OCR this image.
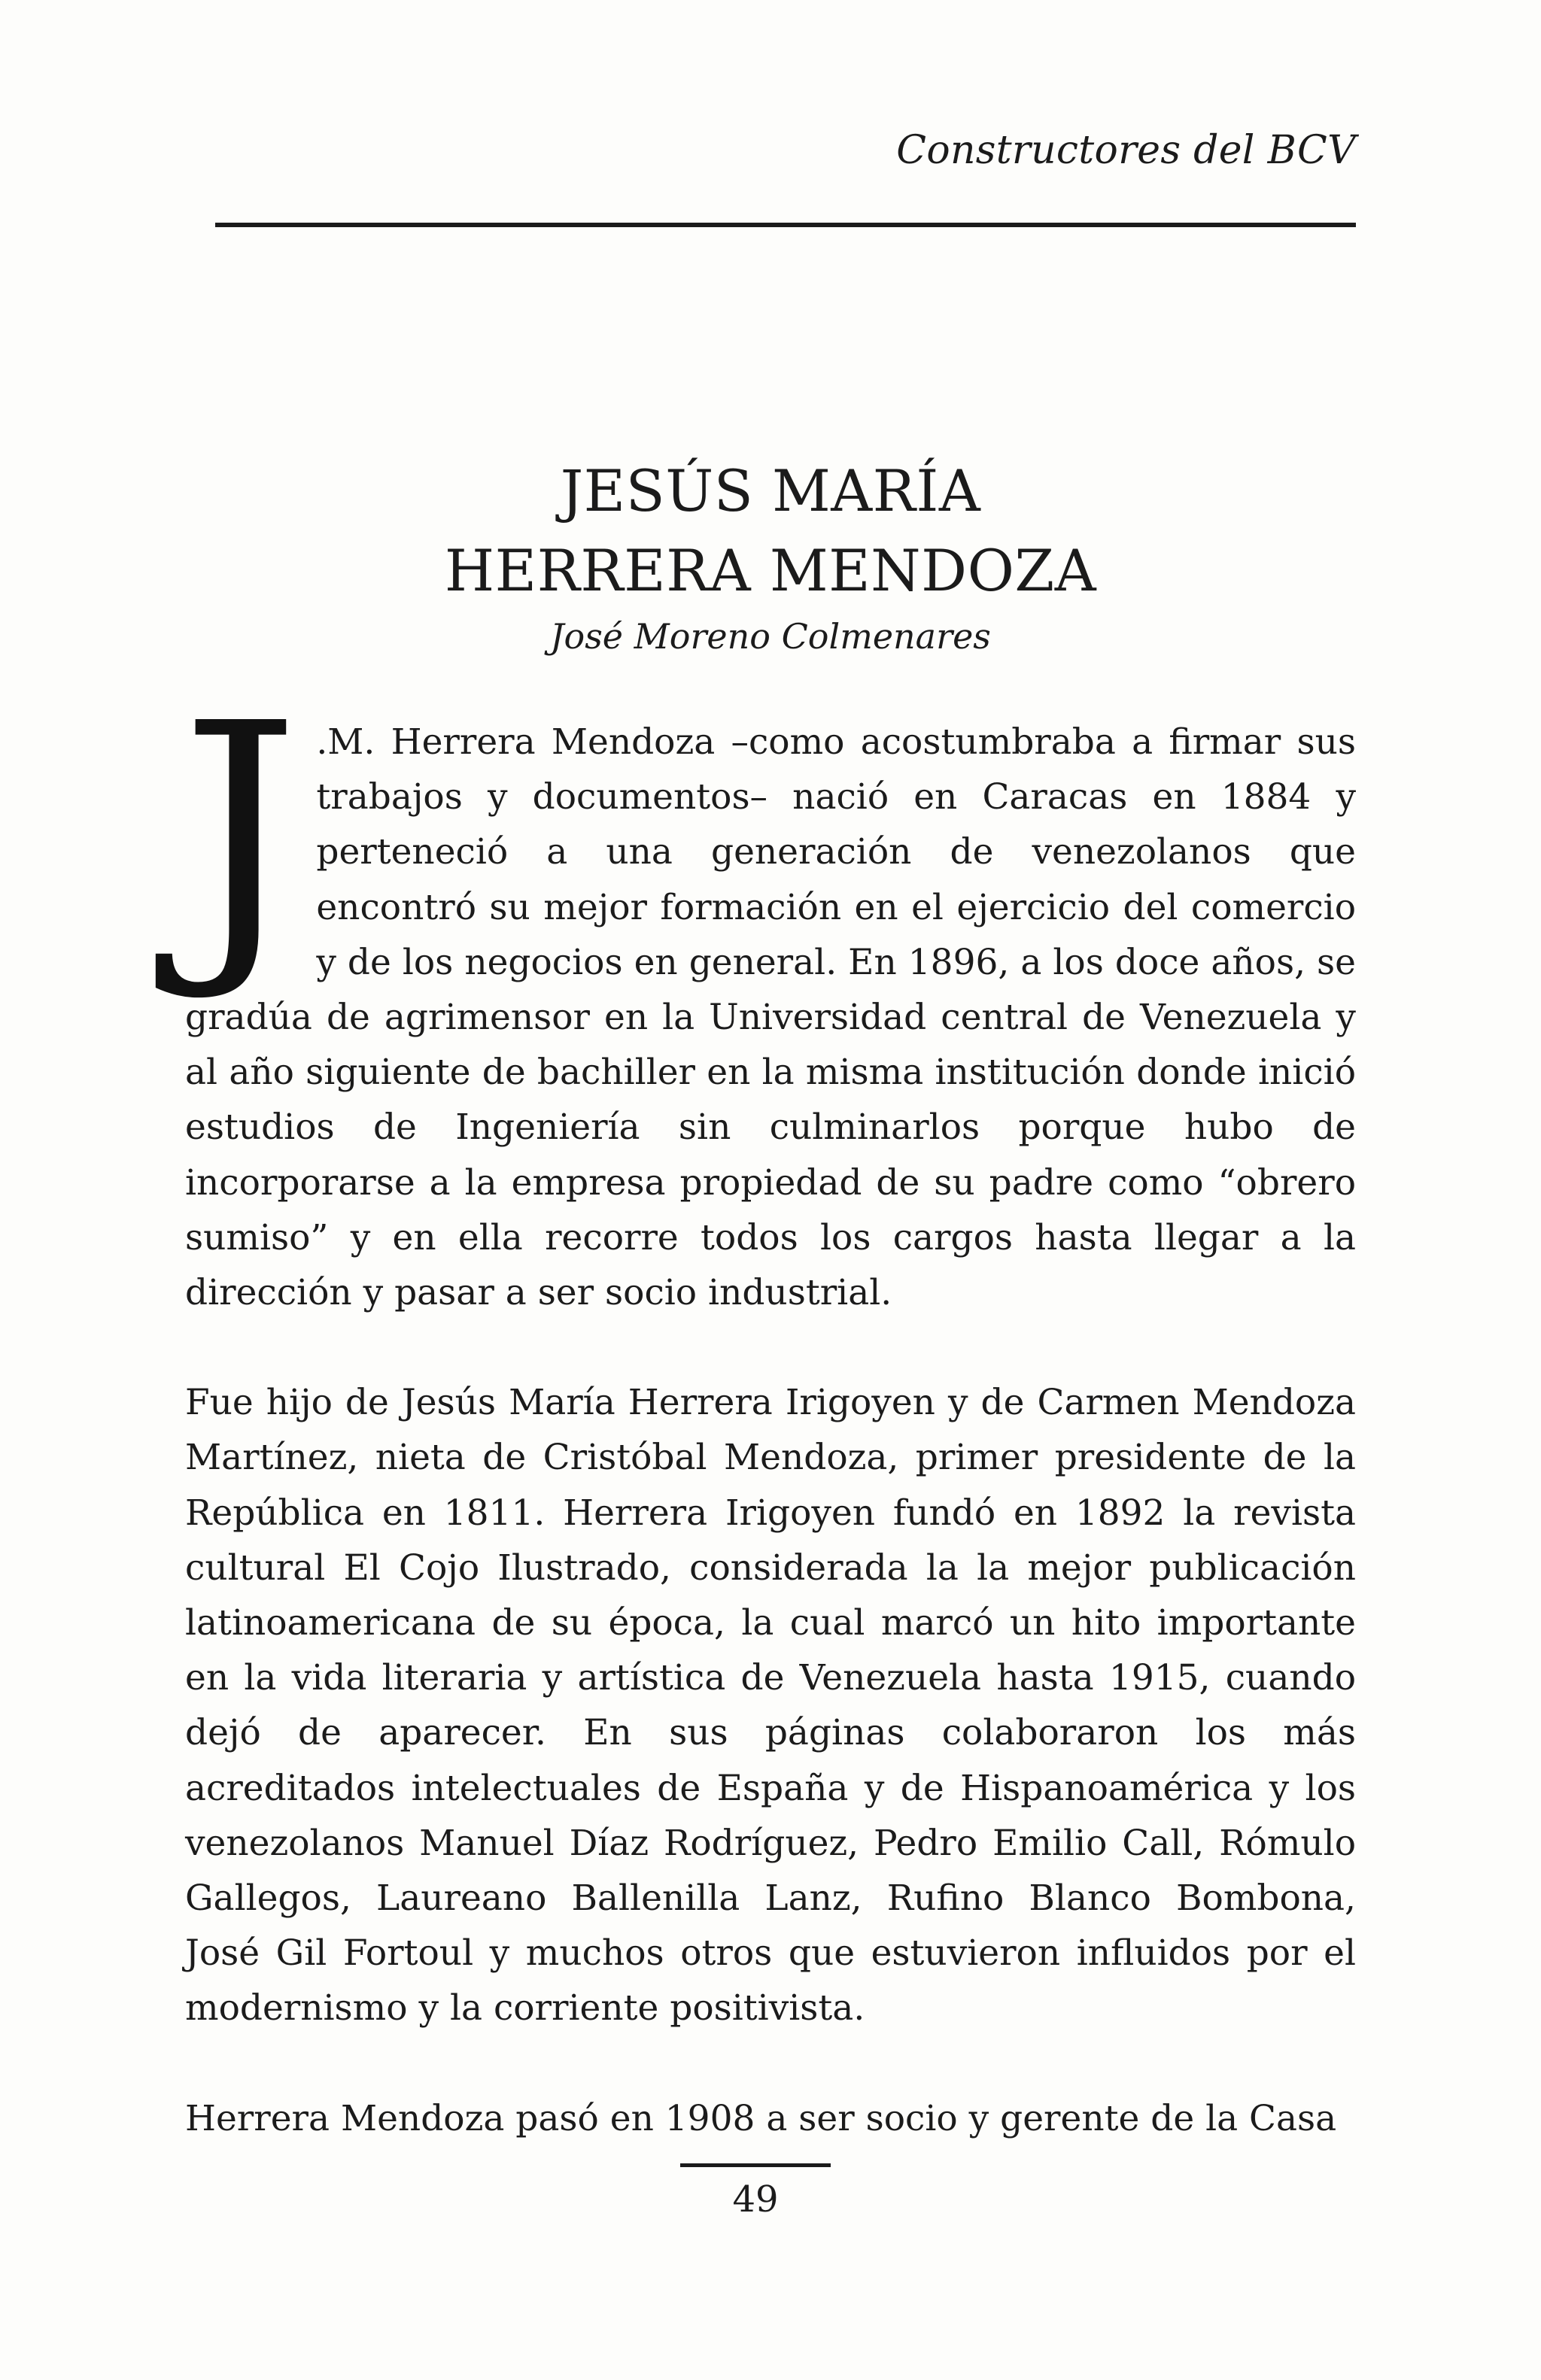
Constructores del BCV
JESÚS MARÍA
HERRERA MENDOZA
José Moreno Colmenares

J .M. Herrera Mendoza –como acostumbraba a firmar sus trabajos y documentos– nació en Caracas en 1884 y perteneció a una generación de venezolanos que encontró su mejor formación en el ejercicio del comercio y de los negocios en general. En 1896, a los doce años, se gradúa de agrimensor en la Universidad central de Venezuela y al año siguiente de bachiller en la misma institución donde inició estudios de Ingeniería sin culminarlos porque hubo de incorporarse a la empresa propiedad de su padre como “obrero sumiso” y en ella recorre todos los cargos hasta llegar a la dirección y pasar a ser socio industrial.

Fue hijo de Jesús María Herrera Irigoyen y de Carmen Mendoza Martínez, nieta de Cristóbal Mendoza, primer presidente de la República en 1811. Herrera Irigoyen fundó en 1892 la revista cultural El Cojo Ilustrado, considerada la la mejor publicación latinoamericana de su época, la cual marcó un hito importante en la vida literaria y artística de Venezuela hasta 1915, cuando dejó de aparecer. En sus páginas colaboraron los más acreditados intelectuales de España y de Hispanoamérica y los venezolanos Manuel Díaz Rodríguez, Pedro Emilio Call, Rómulo Gallegos, Laureano Ballenilla Lanz, Rufino Blanco Bombona, José Gil Fortoul y muchos otros que estuvieron influidos por el modernismo y la corriente positivista.

Herrera Mendoza pasó en 1908 a ser socio y gerente de la Casa

49
